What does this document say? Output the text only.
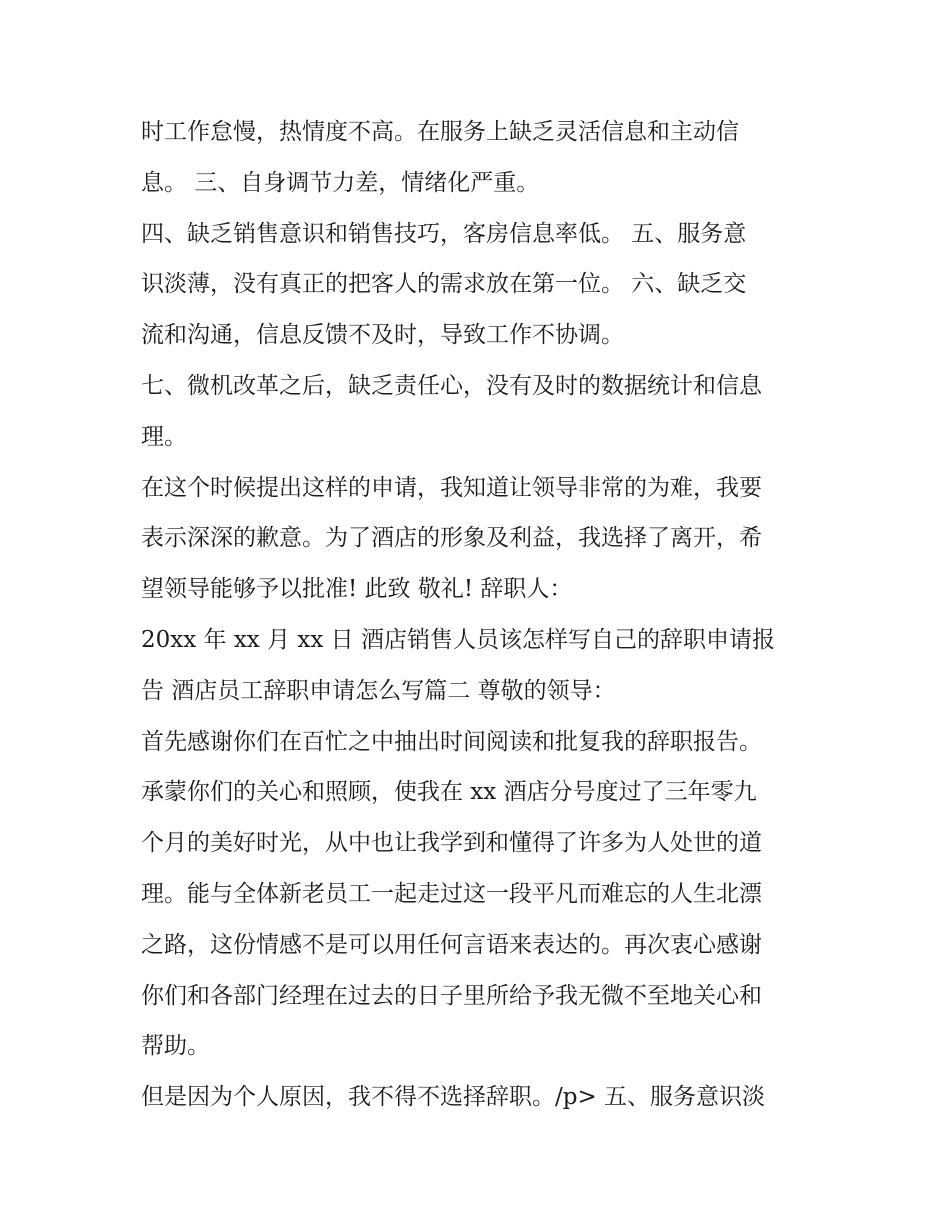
时工作怠慢，热情度不高。在服务上缺乏灵活信息和主动信
息。 三、自身调节力差，情绪化严重。
四、缺乏销售意识和销售技巧，客房信息率低。 五、服务意
识淡薄，没有真正的把客人的需求放在第一位。 六、缺乏交
流和沟通，信息反馈不及时，导致工作不协调。
七、微机改革之后，缺乏责任心，没有及时的数据统计和信息
理。
在这个时候提出这样的申请，我知道让领导非常的为难，我要
表示深深的歉意。为了酒店的形象及利益，我选择了离开，希
望领导能够予以批准! 此致 敬礼! 辞职人：
20xx 年 xx 月 xx 日 酒店销售人员该怎样写自己的辞职申请报
告 酒店员工辞职申请怎么写篇二 尊敬的领导：
首先感谢你们在百忙之中抽出时间阅读和批复我的辞职报告。
承蒙你们的关心和照顾，使我在 xx 酒店分号度过了三年零九
个月的美好时光，从中也让我学到和懂得了许多为人处世的道
理。能与全体新老员工一起走过这一段平凡而难忘的人生北漂
之路，这份情感不是可以用任何言语来表达的。再次衷心感谢
你们和各部门经理在过去的日子里所给予我无微不至地关心和
帮助。
但是因为个人原因，我不得不选择辞职。/p> 五、服务意识淡
